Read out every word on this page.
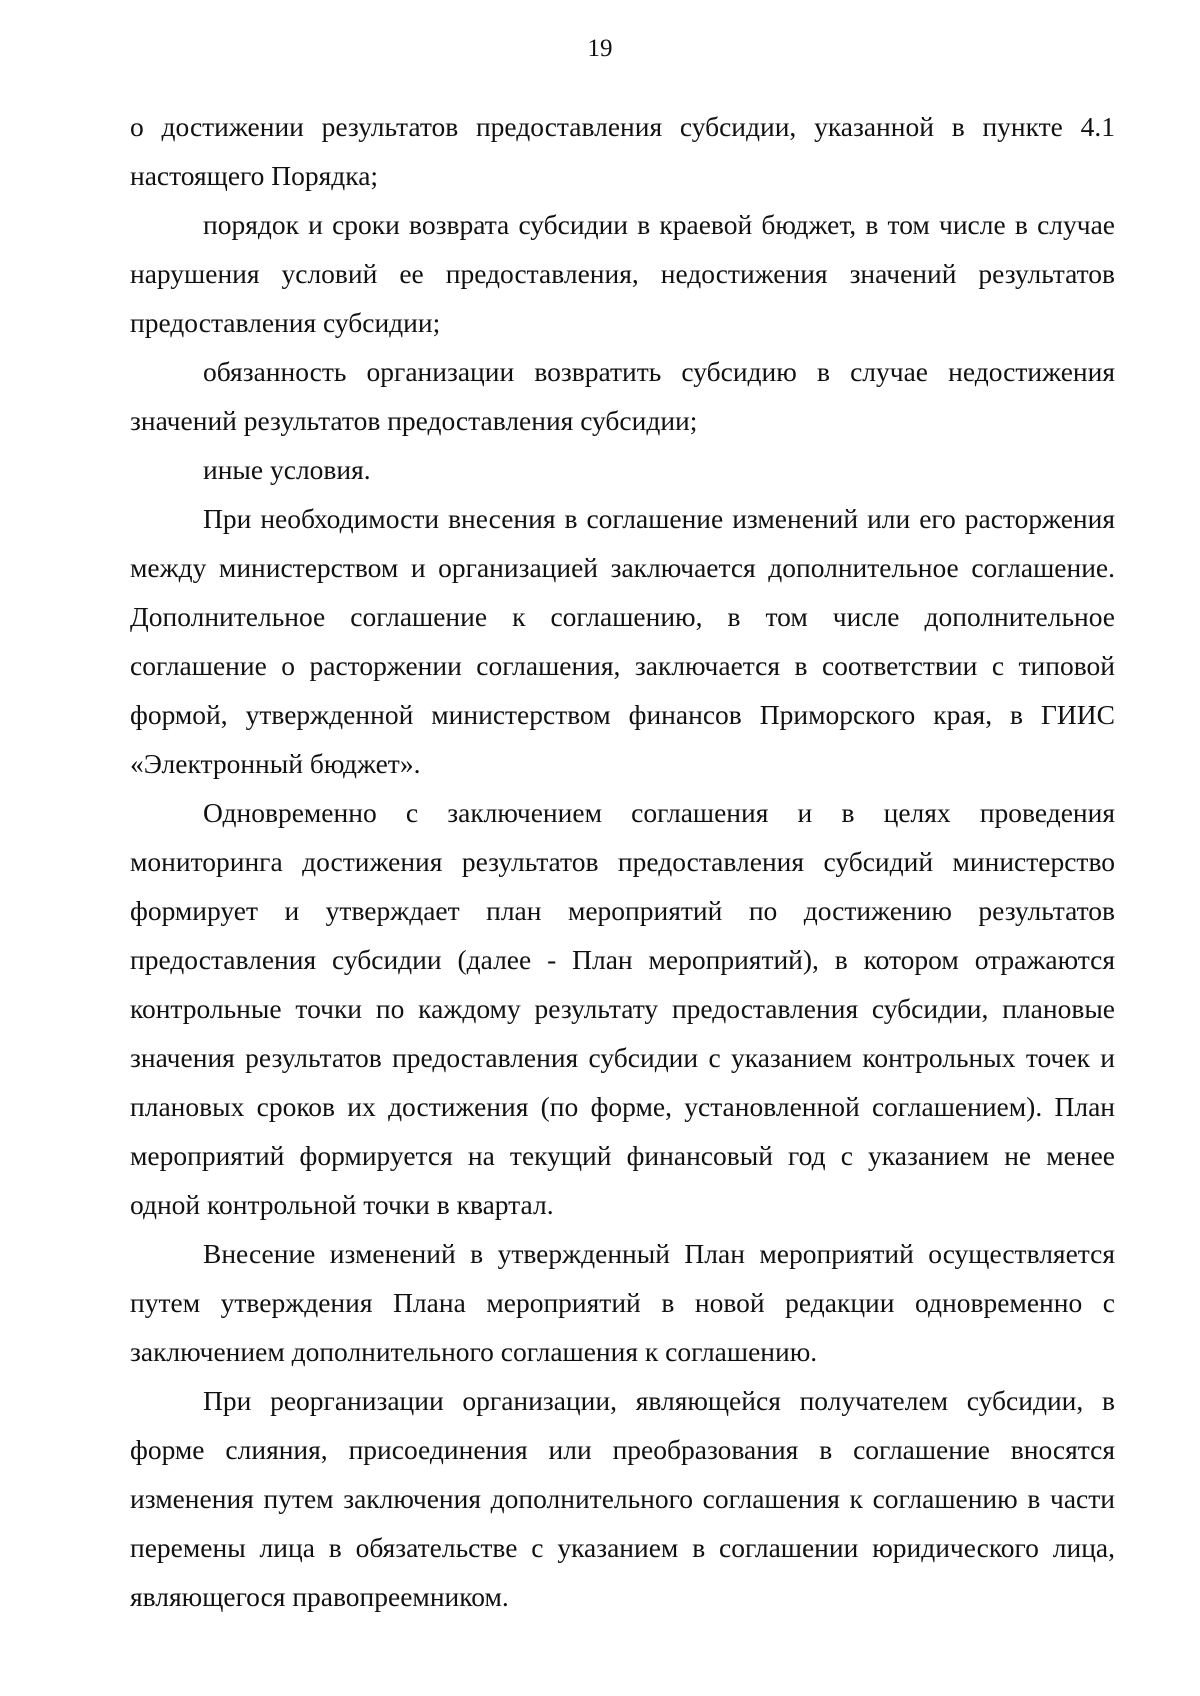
19

о достижении результатов предоставления субсидии, указанной в пункте 4.1 настоящего Порядка;

порядок и сроки возврата субсидии в краевой бюджет, в том числе в случае нарушения условий ее предоставления, недостижения значений результатов предоставления субсидии;

обязанность организации возвратить субсидию в случае недостижения значений результатов предоставления субсидии;

иные условия.

При необходимости внесения в соглашение изменений или его расторжения между министерством и организацией заключается дополнительное соглашение. Дополнительное соглашение к соглашению, в том числе дополнительное соглашение о расторжении соглашения, заключается в соответствии с типовой формой, утвержденной министерством финансов Приморского края, в ГИИС «Электронный бюджет».

Одновременно с заключением соглашения и в целях проведения мониторинга достижения результатов предоставления субсидий министерство формирует и утверждает план мероприятий по достижению результатов предоставления субсидии (далее - План мероприятий), в котором отражаются контрольные точки по каждому результату предоставления субсидии, плановые значения результатов предоставления субсидии с указанием контрольных точек и плановых сроков их достижения (по форме, установленной соглашением). План мероприятий формируется на текущий финансовый год с указанием не менее одной контрольной точки в квартал.

Внесение изменений в утвержденный План мероприятий осуществляется путем утверждения Плана мероприятий в новой редакции одновременно с заключением дополнительного соглашения к соглашению.

При реорганизации организации, являющейся получателем субсидии, в форме слияния, присоединения или преобразования в соглашение вносятся изменения путем заключения дополнительного соглашения к соглашению в части перемены лица в обязательстве с указанием в соглашении юридического лица, являющегося правопреемником.
